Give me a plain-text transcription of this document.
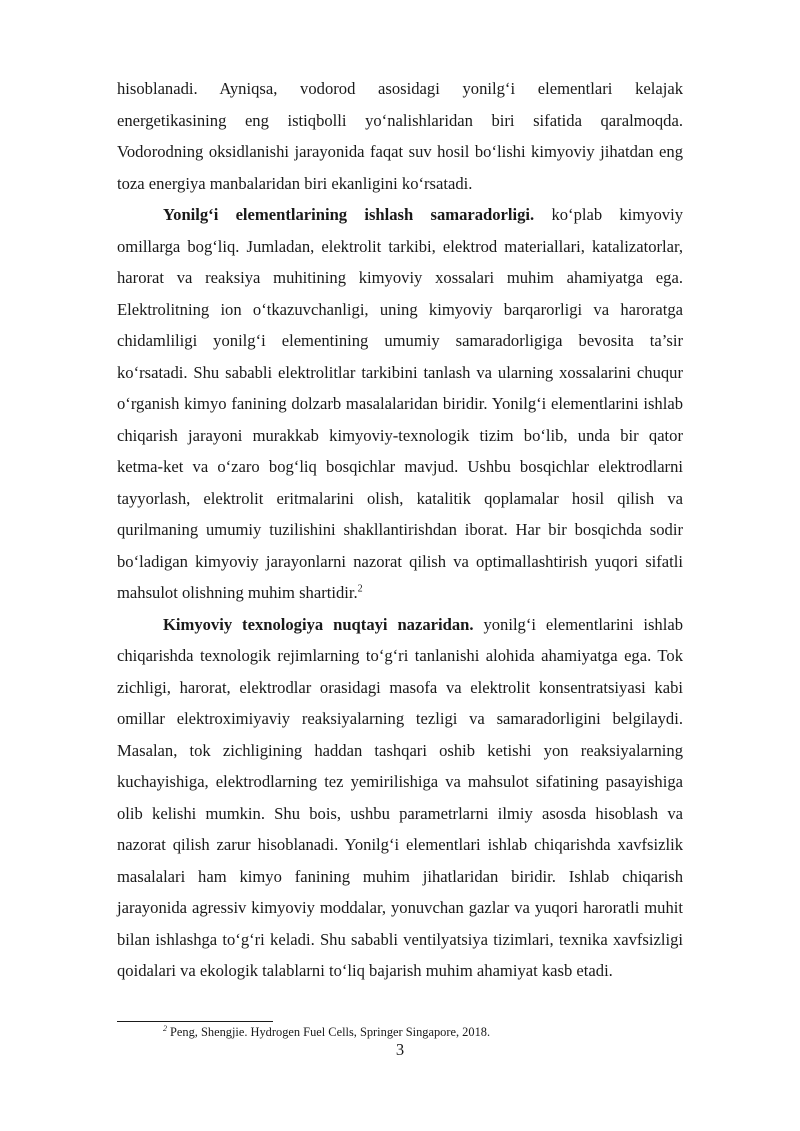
hisoblanadi. Ayniqsa, vodorod asosidagi yonilg‘i elementlari kelajak energetikasining eng istiqbolli yo‘nalishlaridan biri sifatida qaralmoqda. Vodorodning oksidlanishi jarayonida faqat suv hosil bo‘lishi kimyoviy jihatdan eng toza energiya manbalaridan biri ekanligini ko‘rsatadi.

Yonilg‘i elementlarining ishlash samaradorligi. ko‘plab kimyoviy omillarga bog‘liq. Jumladan, elektrolit tarkibi, elektrod materiallari, katalizatorlar, harorat va reaksiya muhitining kimyoviy xossalari muhim ahamiyatga ega. Elektrolitning ion o‘tkazuvchanligi, uning kimyoviy barqarorligi va haroratga chidamliligi yonilg‘i elementining umumiy samaradorligiga bevosita ta’sir ko‘rsatadi. Shu sababli elektrolitlar tarkibini tanlash va ularning xossalarini chuqur o‘rganish kimyo fanining dolzarb masalalaridan biridir. Yonilg‘i elementlarini ishlab chiqarish jarayoni murakkab kimyoviy-texnologik tizim bo‘lib, unda bir qator ketma-ket va o‘zaro bog‘liq bosqichlar mavjud. Ushbu bosqichlar elektrodlarni tayyorlash, elektrolit eritmalarini olish, katalitik qoplamalar hosil qilish va qurilmaning umumiy tuzilishini shakllantirishdan iborat. Har bir bosqichda sodir bo‘ladigan kimyoviy jarayonlarni nazorat qilish va optimallashtirish yuqori sifatli mahsulot olishning muhim shartidir.$^2$

Kimyoviy texnologiya nuqtayi nazaridan. yonilg‘i elementlarini ishlab chiqarishda texnologik rejimlarning to‘g‘ri tanlanishi alohida ahamiyatga ega. Tok zichligi, harorat, elektrodlar orasidagi masofa va elektrolit konsentratsiyasi kabi omillar elektroximiyaviy reaksiyalarning tezligi va samaradorligini belgilaydi. Masalan, tok zichligining haddan tashqari oshib ketishi yon reaksiyalarning kuchayishiga, elektrodlarning tez yemirilishiga va mahsulot sifatining pasayishiga olib kelishi mumkin. Shu bois, ushbu parametrlarni ilmiy asosda hisoblash va nazorat qilish zarur hisoblanadi. Yonilg‘i elementlari ishlab chiqarishda xavfsizlik masalalari ham kimyo fanining muhim jihatlaridan biridir. Ishlab chiqarish jarayonida agressiv kimyoviy moddalar, yonuvchan gazlar va yuqori haroratli muhit bilan ishlashga to‘g‘ri keladi. Shu sababli ventilyatsiya tizimlari, texnika xavfsizligi qoidalari va ekologik talablarni to‘liq bajarish muhim ahamiyat kasb etadi.

$^2$ Peng, Shengjie. Hydrogen Fuel Cells, Springer Singapore, 2018.
3
